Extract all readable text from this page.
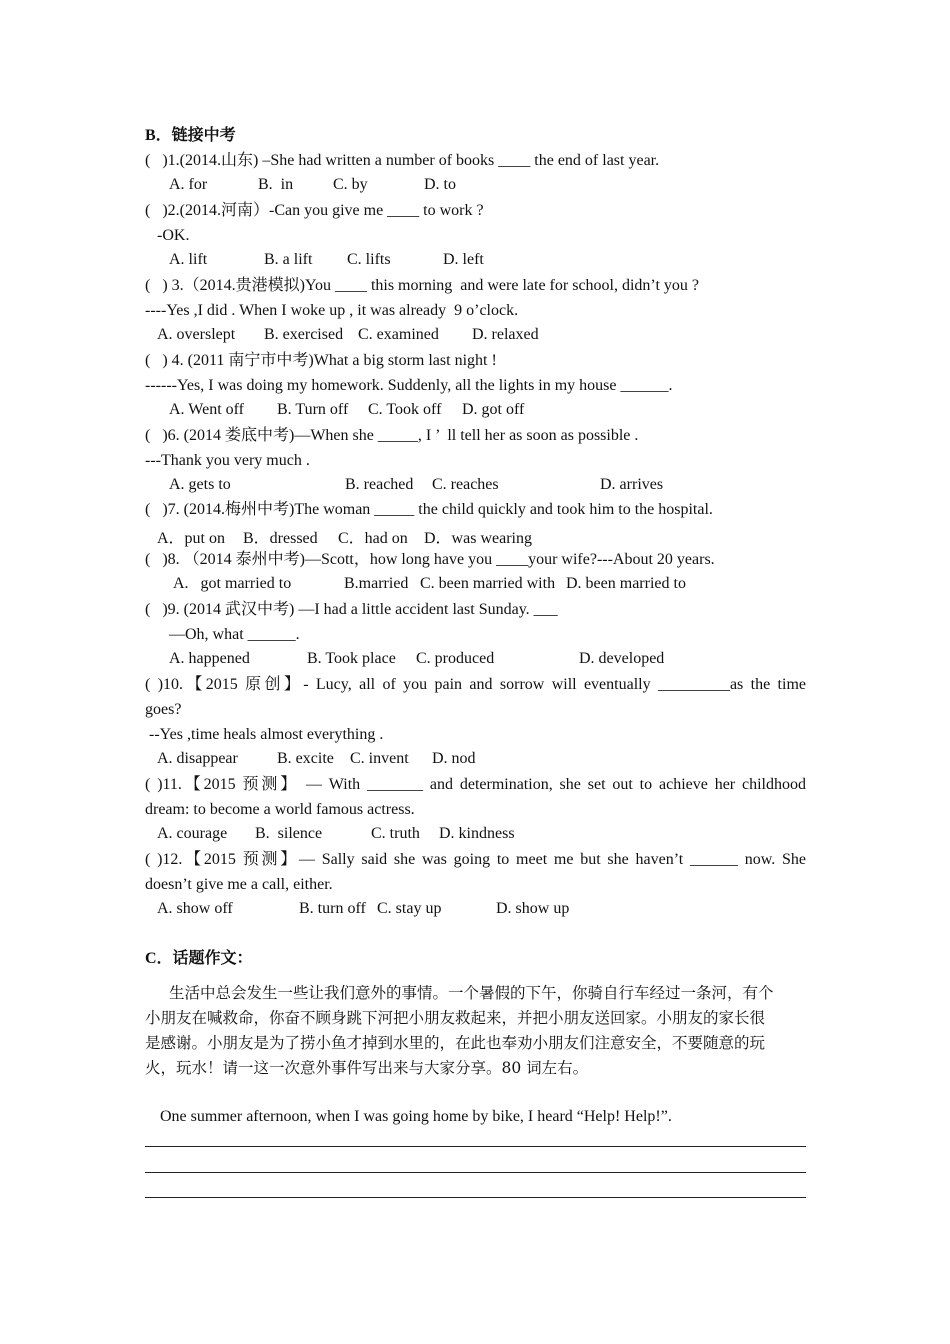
B．链接中考
(   )1.(2014.山东) –She had written a number of books ____ the end of last year.
A. for	B.  in C. by	D. to
(   )2.(2014.河南）-Can you give me ____ to work ?
-OK.
A. lift	B. a lift C. lifts	D. left
(   ) 3.（2014.贵港模拟)You ____ this morning  and were late for school, didn’t you ?
----Yes ,I did . When I woke up , it was already  9 o’clock.
A. overslept B. exercised C. examined D. relaxed
(   ) 4. (2011 南宁市中考)What a big storm last night !
------Yes, I was doing my homework. Suddenly, all the lights in my house ______.
A. Went off B. Turn off C. Took off D. got off
(   )6. (2014 娄底中考)—When she _____, I ’  ll tell her as soon as possible .
---Thank you very much .
A. gets to	B. reached C. reaches	D. arrives
(   )7. (2014.梅州中考)The woman _____ the child quickly and took him to the hospital.
A．put on B．dressed C．had on D．was wearing
(   )8. （2014 泰州中考)—Scott，how long have you ____your wife?---About 20 years.
A.   got married to	B.married C. been married with D. been married to
(   )9. (2014 武汉中考) —I had a little accident last Sunday. ___
—Oh, what ______.
A. happened	B. Took place C. produced	D. developed
( )10.【2015 原创】- Lucy, all of you pain and sorrow will eventually _________as the time
goes?
--Yes ,time heals almost everything .
A. disappear B. excite C. invent D. nod
( )11.【2015 预测】 — With _______ and determination, she set out to achieve her childhood
dream: to become a world famous actress.
A. courage B.  silence	C. truth D. kindness
( )12.【2015 预测】— Sally said she was going to meet me but she haven’t ______ now. She
doesn’t give me a call, either.
A. show off	B. turn off C. stay up	D. show up
C．话题作文：
生活中总会发生一些让我们意外的事情。一个暑假的下午，你骑自行车经过一条河，有个
小朋友在喊救命，你奋不顾身跳下河把小朋友救起来，并把小朋友送回家。小朋友的家长很
是感谢。小朋友是为了捞小鱼才掉到水里的，在此也奉劝小朋友们注意安全，不要随意的玩
火，玩水！请一这一次意外事件写出来与大家分享。80 词左右。
One summer afternoon, when I was going home by bike, I heard “Help! Help!”.
